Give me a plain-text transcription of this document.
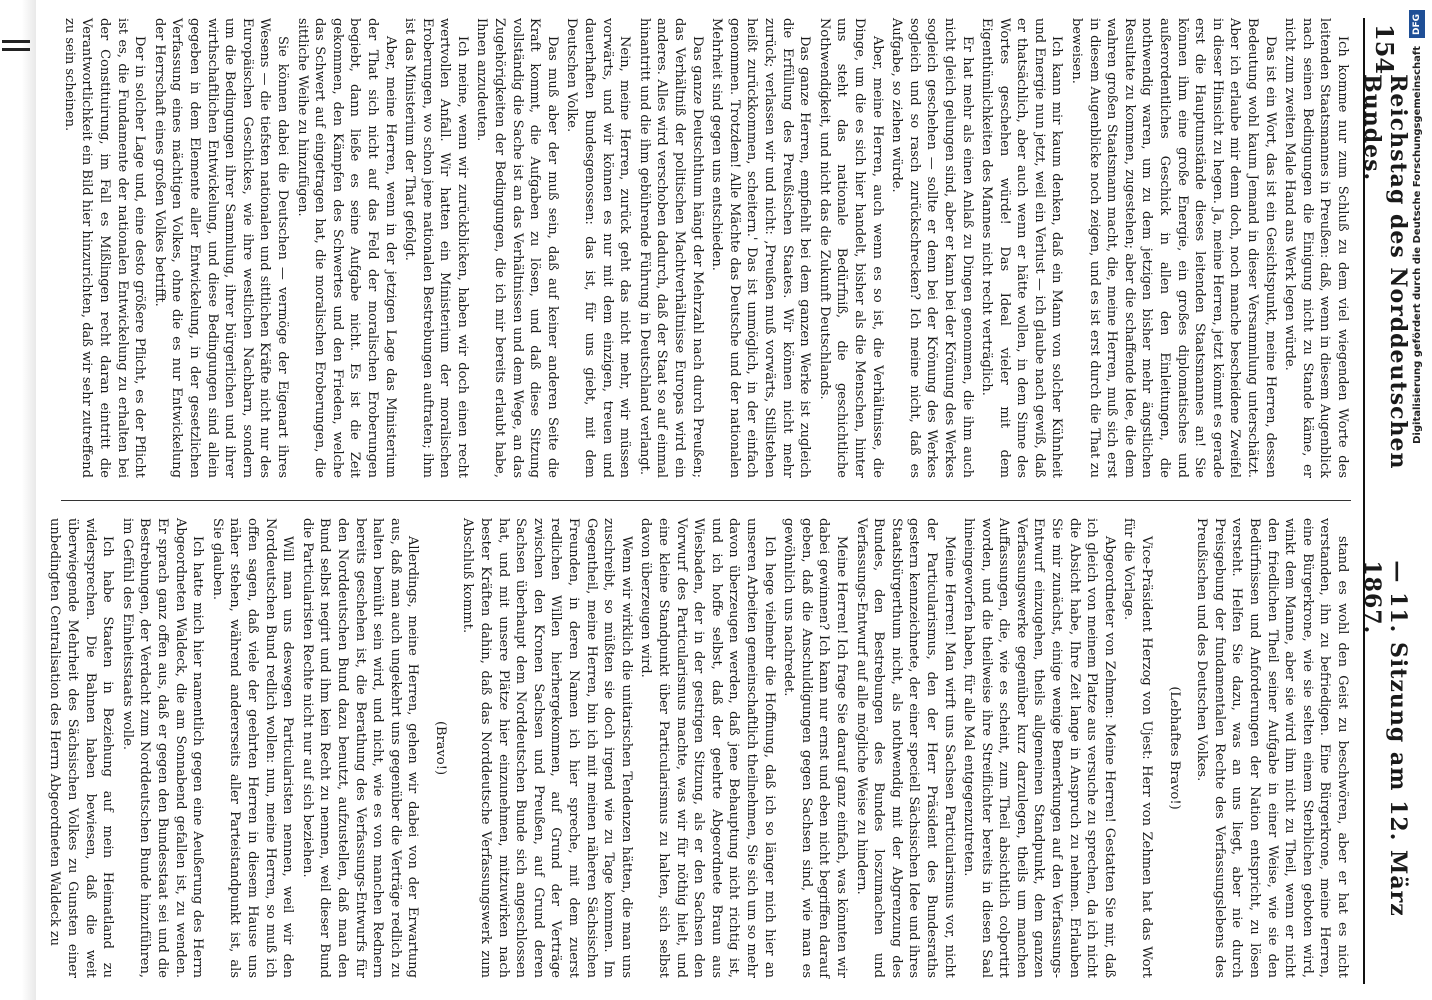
154
Reichstag des Norddeutschen Bundes.
— 11. Sitzung am 12. März 1867.

Ich komme nur zum Schluß zu dem viel wiegenden Worte des leitenden Staatsmannes in Preußen: daß, wenn in diesem Augenblick nach seinen Bedingungen die Einigung nicht zu Stande käme, er nicht zum zweiten Male Hand ans Werk legen würde.

Das ist ein Wort, das ist ein Gesichtspunkt, meine Herren, dessen Bedeutung wohl kaum Jemand in dieser Versammlung unterschätzt. Aber ich erlaube mir denn doch, noch manche bescheidene Zweifel in dieser Hinsicht zu hegen. Ja, meine Herren, jetzt kömmt es gerade erst die Hauptumstände dieses leitenden Staatsmannes an! Sie können ihm eine große Energie, ein großes diplomatisches und außerordentliches Geschick in allen den Einleitungen, die nothwendig waren, um zu dem jetzigen bisher mehr ängstlichen Resultate zu kommen, zugestehen; aber die schaffende Idee, die dem wahren großen Staatsmann macht, die, meine Herren, muß sich erst in diesem Augenblicke noch zeigen, und es ist erst durch die That zu beweisen.

Ich kann mir kaum denken, daß ein Mann von solcher Kühnheit und Energie nun jetzt, weil ein Verlust — ich glaube nach gewiß, daß er thatsächlich, aber auch wenn er hätte wollen, in dem Sinne des Wortes geschehen würde! Das Ideal vieler mit dem Eigenthümlichkeiten des Mannes nicht recht verträglich.

Er hat mehr als einen Anlaß zu Dingen genommen, die ihm auch nicht gleich gelungen sind, aber er kann bei der Krönung des Werkes sogleich geschehen — sollte er denn bei der Krönung des Werkes sogleich und so rasch zurückschrecken? Ich meine nicht, daß es Aufgabe, so ziehen würde.

Aber, meine Herren, auch wenn es so ist, die Verhältnisse, die Dinge, um die es sich hier handelt, bisher als die Menschen, hinter uns steht das nationale Bedürfniß, die geschichtliche Nothwendigkeit, und nicht das die Zukunft Deutschlands.

Das ganze Herren, empfiehlt bei dem ganzen Werke ist zugleich die Erfüllung des Preußischen Staates. Wir können nicht mehr zurück; verlassen wir und nicht: ‚Preußen muß vorwärts, Stillstehen heißt zurückkommen, scheitern.' Das ist unmöglich, in der einfach genommen. Trotzdem! Alle Mächte das Deutsche und der nationalen Mehrheit sind gegen uns entschieden.

Das ganze Deutschthum hängt der Mehrzahl nach durch Preußen; das Verhältniß der politischen Machtverhältnisse Europas wird ein anderes. Alles wird verschoben dadurch, daß der Staat so auf einmal hinantritt und die ihm gebührende Führung in Deutschland verlangt.

Nein, meine Herren, zurück geht das nicht mehr, wir müssen vorwärts, und wir können es nur mit dem einzigen, treuen und dauerhaften Bundesgenossen: das ist, für uns giebt, mit dem Deutschen Volke.

Das muß aber der muß sein, daß auf keiner anderen Seite die Kraft kommt, die Aufgaben zu lösen, und daß diese Sitzung vollständig die Sache ist an das Verhältnissen und dem Wege, an das Zugehörigkeiten der Bedingungen, die ich mir bereits erlaubt habe, Ihnen anzudeuten.

Ich meine, wenn wir zurückblicken, haben wir doch einen recht wertvollen Anfall. Wir hatten ein Ministerium der moralischen Eroberungen, wo schon jene nationalen Bestrebungen auftraten; ihm ist das Ministerium der That gefolgt.

Aber, meine Herren, wenn in der jetzigen Lage das Ministerium der That sich nicht auf das Feld der moralischen Eroberungen begiebt, dann ließe es seine Aufgabe nicht. Es ist die Zeit gekommen, den Kämpfen des Schwertes und den Frieden, welche das Schwert auf eingetragen hat, die moralischen Eroberungen, die sittliche Weihe zu hinzufügen.

Sie können dabei die Deutschen — vermöge der Eigenart ihres Wesens — die tiefsten nationalen und sittlichen Kräfte nicht nur des Europäischen Geschickes, wie ihre westlichen Nachbarn, sondern um die Bedingungen ihrer Sammlung, ihrer bürgerlichen und ihrer wirthschaftlichen Entwickelung, und diese Bedingungen sind allein gegeben in dem Elemente aller Entwickelung, in der gesetzlichen Verfassung eines mächtigen Volkes, ohne die es nur Entwickelung der Herrschaft eines großen Volkes betrifft.

Der in solcher Lage und, eine desto größere Pflicht, es der Pflicht ist es, die Fundamente der nationalen Entwickelung zu erhalten bei der Constituirung, im Fall es Mißlingen recht daran eintritt die Verantwortlichkeit ein Bild hier hinzurichten, daß wir sehr zutreffend zu sein scheinen.

stand es wohl den Geist zu beschwören, aber er hat es nicht verstanden, ihn zu befriedigen. Eine Bürgerkrone, meine Herren, eine Bürgerkrone, wie sie selten einem Sterblichen geboten wird, winkt dem Manne, aber sie wird ihm nicht zu Theil, wenn er nicht den friedlichen Theil seiner Aufgabe in einer Weise, wie sie den Bedürfnissen und Anforderungen der Nation entspricht, zu lösen versteht. Helfen Sie dazu, was an uns liegt, aber nie durch Preisgebung der fundamentalen Rechte des Verfassungslebens des Preußischen und des Deutschen Volkes.

(Lebhaftes Bravo!)

Vice-Präsident Herzog von Ujest: Herr von Zehmen hat das Wort für die Vorlage.

Abgeordneter von Zehmen: Meine Herren! Gestatten Sie mir, daß ich gleich von meinem Platze aus versuche zu sprechen, da ich nicht die Absicht habe, Ihre Zeit lange in Anspruch zu nehmen. Erlauben Sie mir zunächst, einige wenige Bemerkungen auf den Verfassungs-Entwurf einzugehen, theils allgemeinen Standpunkt, dem ganzen Verfassungswerke gegenüber kurz darzulegen, theils um manchen Auffassungen, die, wie es scheint, zum Theil absichtlich colportirt worden, und die theilweise ihre Streiflichter bereits in diesen Saal hineingeworfen haben, für alle Mal entgegenzutreten.

Meine Herren! Man wirft uns Sachsen Particularismus vor, nicht der Particularismus, den der Herr Präsident des Bundesraths gestern kennzeichnete, der einer speciell Sächsischen Idee und ihres Staatsbürgerthum nicht, als nothwendig mit der Abgrenzung des Bundes, den Bestrebungen des Bundes loszumachen und Verfassungs-Entwurf auf alle mögliche Weise zu hindern.

Meine Herren! Ich frage Sie darauf ganz einfach, was könnten wir dabei gewinnen? Ich kann nur ernst und eben nicht begriffen darauf geben, daß die Anschuldigungen gegen Sachsen sind, wie man es gewöhnlich uns nachredet.

Ich hege vielmehr die Hoffnung, daß ich so länger mich hier an unseren Arbeiten gemeinschaftlich theilnehmen, Sie sich um so mehr davon überzeugen werden, daß jene Behauptung nicht richtig ist, und ich hoffe selbst, daß der geehrte Abgeordnete Braun aus Wiesbaden, der in der gestrigen Sitzung, als er den Sachsen den Vorwurf des Particularismus machte, was wir für nöthig hielt, und eine kleine Standpunkt über Particularismus zu halten, sich selbst davon überzeugen wird.

Wenn wir wirklich die unitarischen Tendenzen hätten, die man uns zuschreibt, so müßten sie doch irgend wie zu Tage kommen. Im Gegentheil, meine Herren, bin ich mit meinen näheren Sächsischen Freunden, in deren Namen ich hier spreche, mit dem zuerst redlichen Willen hierhergekommen, auf Grund der Verträge zwischen den Kronen Sachsen und Preußen, auf Grund deren Sachsen überhaupt dem Norddeutschen Bunde sich angeschlossen hat, und mit unsere Plätze hier einzunehmen, mitzuwirken nach bester Kräften dahin, daß das Norddeutsche Verfassungswerk zum Abschluß kommt.

(Bravo!)

Allerdings, meine Herren, gehen wir dabei von der Erwartung aus, daß man auch ungekehrt uns gegenüber die Verträge redlich zu halten bemüht sein wird, und nicht, wie es von manchen Rednern bereits geschehen ist, die Berathung des Verfassungs-Entwurfs für den Norddeutschen Bund dazu benutzt, aufzustellen, daß man den Bund selbst negirt und ihm kein Recht zu nennen, weil dieser Bund die Particularisten Rechte nicht nur auf sich beziehen.

Will man uns deswegen Particularisten nennen, weil wir den Norddeutschen Bund redlich wollen: nun, meine Herren, so muß ich offen sagen, daß viele der geehrten Herren in diesem Hause uns näher stehen, während andererseits aller Parteistandpunkt ist, als Sie glauben.

Ich hatte mich hier namentlich gegen eine Aeußerung des Herrn Abgeordneten Waldeck, die am Sonnabend gefallen ist, zu wenden. Er sprach ganz offen aus, daß er gegen den Bundesstaat sei und die Bestrebungen, der Verdacht zum Norddeutschen Bunde hinzuführen, im Gefühl des Einheitsstaats wolle.

Ich habe Staaten in Beziehung auf mein Heimatland zu widersprechen. Die Bahnen haben bewiesen, daß die weit überwiegende Mehrheit des Sächsischen Volkes zu Gunsten einer unbedingten Centralisation des Herrn Abgeordneten Waldeck zu

DFG
Digitalisierung gefördert durch die Deutsche Forschungsgemeinschaft
